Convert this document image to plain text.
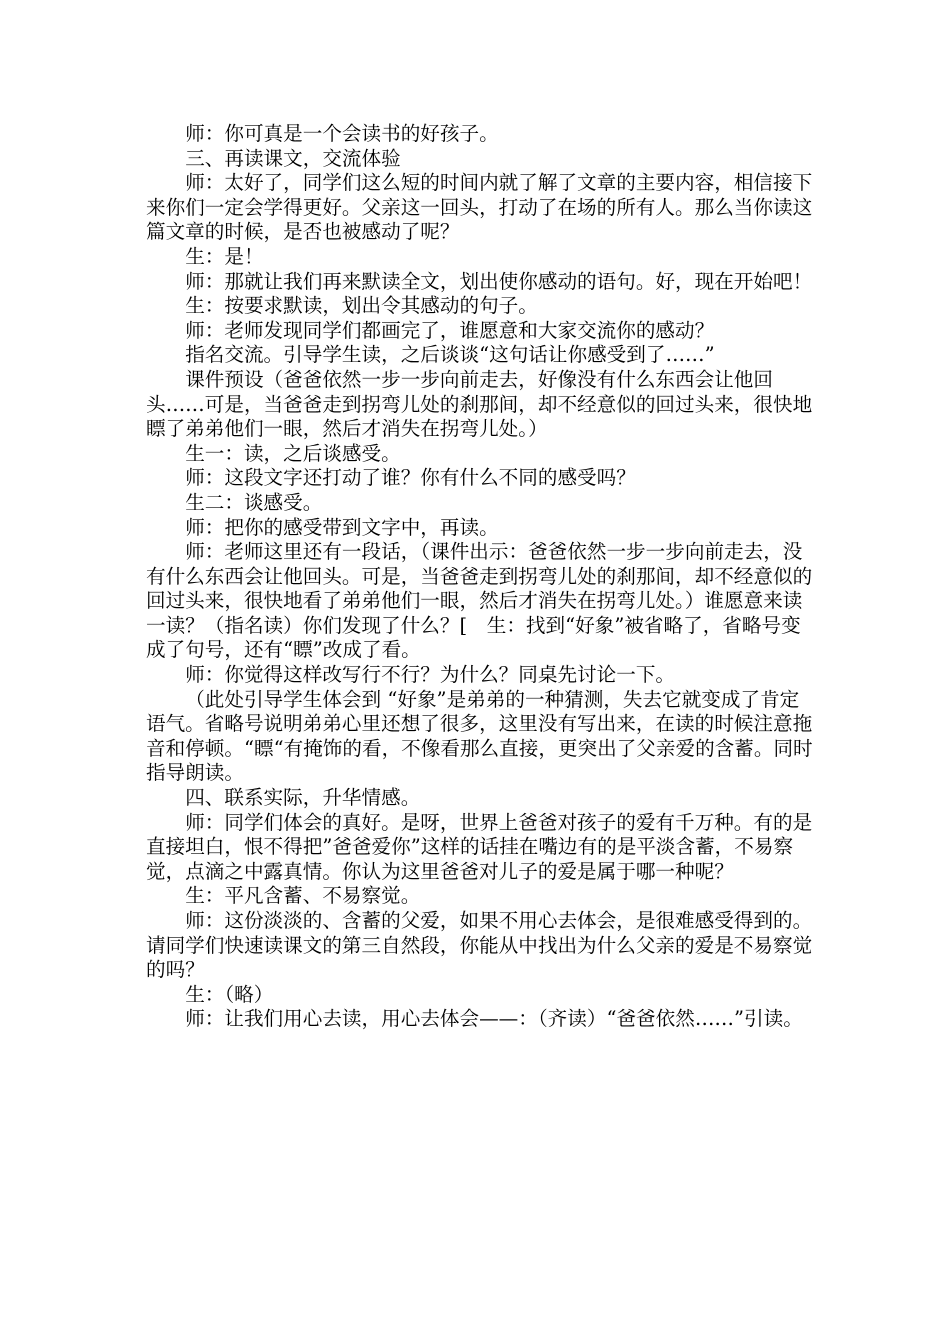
师：你可真是一个会读书的好孩子。

三、再读课文，交流体验

师：太好了，同学们这么短的时间内就了解了文章的主要内容，相信接下来你们一定会学得更好。父亲这一回头，打动了在场的所有人。那么当你读这篇文章的时候，是否也被感动了呢？

生：是！

师：那就让我们再来默读全文，划出使你感动的语句。好，现在开始吧！

生：按要求默读，划出令其感动的句子。

师：老师发现同学们都画完了，谁愿意和大家交流你的感动？

指名交流。引导学生读，之后谈谈“这句话让你感受到了……”

课件预设（爸爸依然一步一步向前走去，好像没有什么东西会让他回头……可是，当爸爸走到拐弯儿处的刹那间，却不经意似的回过头来，很快地瞟了弟弟他们一眼，然后才消失在拐弯儿处。）

生一：读，之后谈感受。

师：这段文字还打动了谁？你有什么不同的感受吗？

生二：谈感受。

师：把你的感受带到文字中，再读。

师：老师这里还有一段话，（课件出示：爸爸依然一步一步向前走去，没有什么东西会让他回头。可是，当爸爸走到拐弯儿处的刹那间，却不经意似的回过头来，很快地看了弟弟他们一眼，然后才消失在拐弯儿处。）谁愿意来读一读？（指名读）你们发现了什么？[　生：找到“好象”被省略了，省略号变成了句号，还有“瞟”改成了看。

师：你觉得这样改写行不行？为什么？同桌先讨论一下。

（此处引导学生体会到 “好象”是弟弟的一种猜测，失去它就变成了肯定语气。省略号说明弟弟心里还想了很多，这里没有写出来，在读的时候注意拖音和停顿。“瞟“有掩饰的看，不像看那么直接，更突出了父亲爱的含蓄。同时指导朗读。

四、联系实际，升华情感。

师：同学们体会的真好。是呀，世界上爸爸对孩子的爱有千万种。有的是直接坦白，恨不得把”爸爸爱你”这样的话挂在嘴边有的是平淡含蓄，不易察觉，点滴之中露真情。你认为这里爸爸对儿子的爱是属于哪一种呢？

生：平凡含蓄、不易察觉。

师：这份淡淡的、含蓄的父爱，如果不用心去体会，是很难感受得到的。请同学们快速读课文的第三自然段，你能从中找出为什么父亲的爱是不易察觉的吗？

生：（略）

师：让我们用心去读，用心去体会——：（齐读）“爸爸依然……”引读。
